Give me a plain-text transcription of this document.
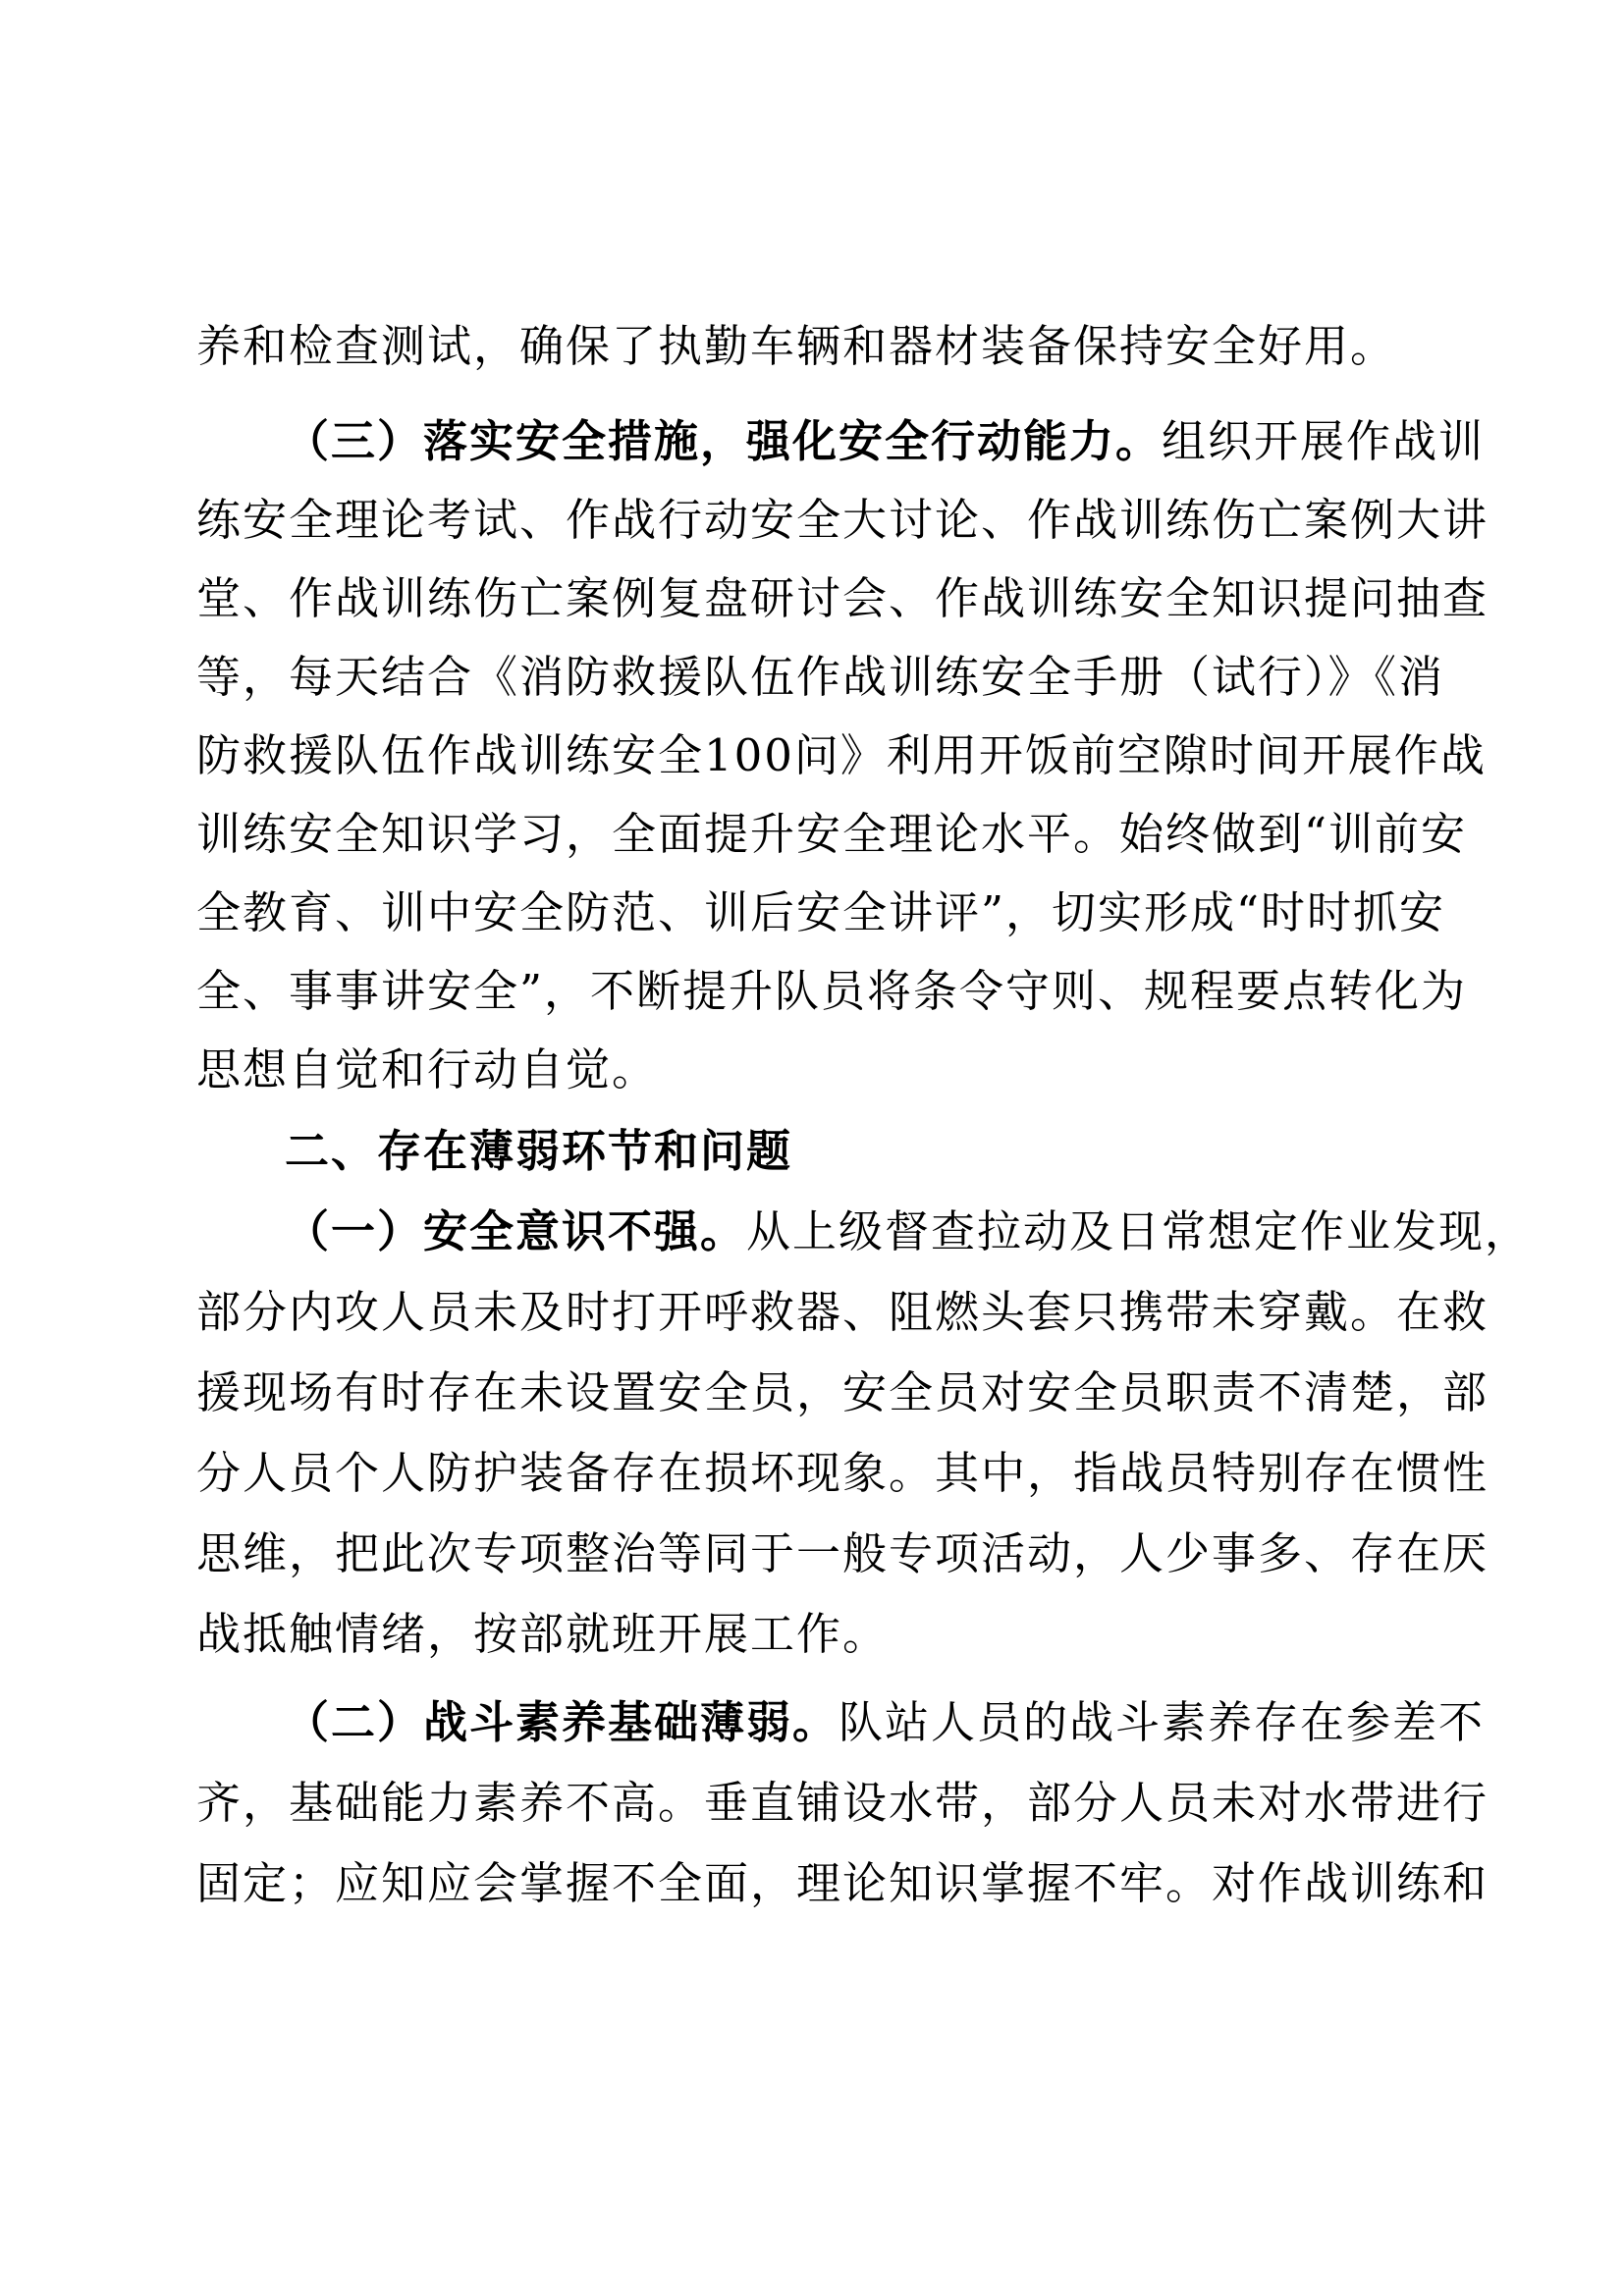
养和检查测试，确保了执勤车辆和器材装备保持安全好用。
（三）落实安全措施，强化安全行动能力。组织开展作战训
练安全理论考试、作战行动安全大讨论、作战训练伤亡案例大讲
堂、作战训练伤亡案例复盘研讨会、作战训练安全知识提问抽查
等，每天结合《消防救援队伍作战训练安全手册（试行）》《消
防救援队伍作战训练安全100问》利用开饭前空隙时间开展作战
训练安全知识学习，全面提升安全理论水平。始终做到“训前安
全教育、训中安全防范、训后安全讲评”，切实形成“时时抓安
全、事事讲安全”，不断提升队员将条令守则、规程要点转化为
思想自觉和行动自觉。
二、存在薄弱环节和问题
（一）安全意识不强。从上级督查拉动及日常想定作业发现，
部分内攻人员未及时打开呼救器、阻燃头套只携带未穿戴。在救
援现场有时存在未设置安全员，安全员对安全员职责不清楚，部
分人员个人防护装备存在损坏现象。其中，指战员特别存在惯性
思维，把此次专项整治等同于一般专项活动，人少事多、存在厌
战抵触情绪，按部就班开展工作。
（二）战斗素养基础薄弱。队站人员的战斗素养存在参差不
齐，基础能力素养不高。垂直铺设水带，部分人员未对水带进行
固定；应知应会掌握不全面，理论知识掌握不牢。对作战训练和
